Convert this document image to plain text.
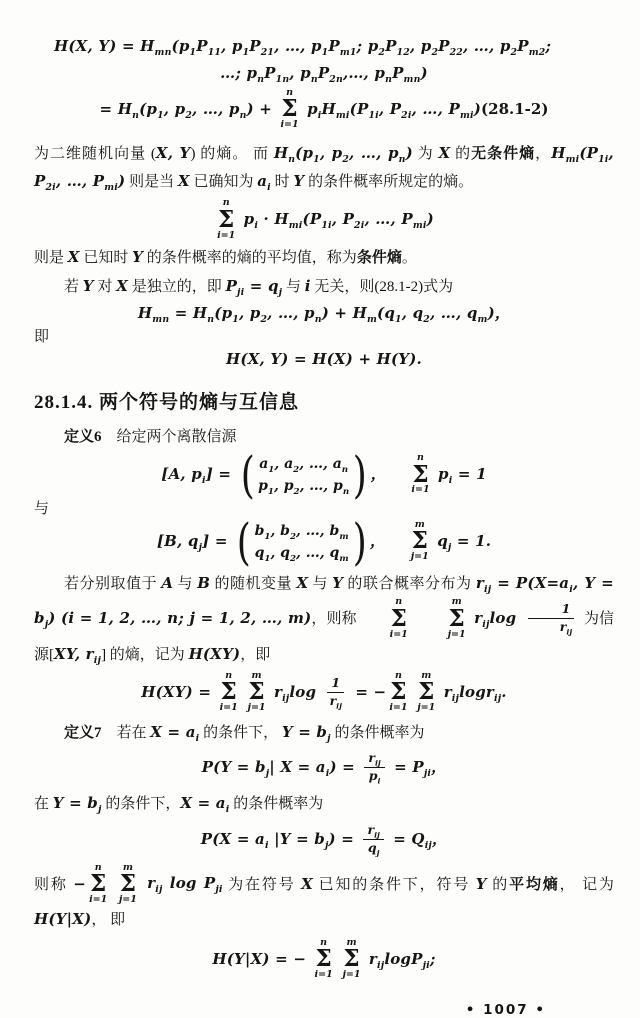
H(X, $Y) = H_{mn}(p_1P_{11}$, $p_1P_{21}$, …, $p_1P_{m1}$; $p_2P_{12}$, $p_2P_{22}$, …, $p_2P_{m2}$;
…; $p_nP_{1n}$, $p_nP_{2n},\dots$, $p_nP_{mn}$)
= $H_n(p_1$, $p_2$, …, $p_n$) +
n
Σ
i=1
$p_iH_{mi}(P_{1i}$, $P_{2i}$, …, $P_{mi})(28.1-2)$

为二维随机向量 (X, Y) 的熵。 而 $H_n(p_1$, $p_2$, …, $p_n$) 为 X 的无条件熵，$H_{mi}(P_{1i}$, $P_{2i}$, …, $P_{mi}$) 则是当 X 已确知为 $a_i$ 时 Y 的条件概率所规定的熵。

n
Σ
i=1
$p_i \cdot H_{mi}(P_{1i}$, $P_{2i}$, …, $P_{mi}$)

则是 X 已知时 Y 的条件概率的熵的平均值，称为条件熵。

若 Y 对 X 是独立的，即 $P_{ji} = q_j$ 与 i 无关，则(28.1-2)式为

$H_{mn} = H_n(p_1$, $p_2$, …, $p_n) + H_m(q_1$, $q_2$, …, $q_m$)，
即
H(X, Y) = H(X) + H(Y).
28.1.4. 两个符号的熵与互信息

定义6　给定两个离散信源

[A, $p_i$] = ( $a_1$, $a_2$, …, $a_n$
$p_1$, $p_2$, …, $p_n$ ) ，　　
n
Σ
i=1
$p_i = 1$
与
[B, $q_j$] = ( $b_1$, $b_2$, …, $b_m$
$q_1$, $q_2$, …, $q_m$ ) ，　　
m
Σ
j=1
$q_j = 1$.

若分别取值于 A 与 B 的随机变量 X 与 Y 的联合概率分布为 $r_{ij} = P(X=a_i$, $Y = b_j$) (i = 1, 2, …, n; j = 1, 2, …, m)，则称
n
Σ
i=1

m
Σ
j=1
$r_{ij}\log \frac{1}{r_{ij}}$ 为信源[XY, $r_{ij}$] 的熵，记为 H(XY)，即

H(XY) =
n
Σ
i=1

m
Σ
j=1
$r_{ij}\log \frac{1}{r_{ij}}$ = −
n
Σ
i=1

m
Σ
j=1
$r_{ij}\log r_{ij}$.

定义7　若在 $X = a_i$ 的条件下， $Y = b_j$ 的条件概率为

$P(Y = b_j|$ $X = a_i) = \frac{r_{ij}}{p_i} = P_{ji}$，

在 $Y = b_j$ 的条件下，$X = a_i$ 的条件概率为

$P(X = a_i$ $|Y = b_j) = \frac{r_{ij}}{q_j} = Q_{ij}$，

则称 −
n
Σ
i=1

m
Σ
j=1
$r_{ij}$ $\log P_{ji}$ 为在符号 X 已知的条件下，符号 Y 的平均熵， 记为 H(Y|X)， 即

H(Y|X) = −
n
Σ
i=1

m
Σ
j=1
$r_{ij}\log P_{ji}$;
• 1007 •
